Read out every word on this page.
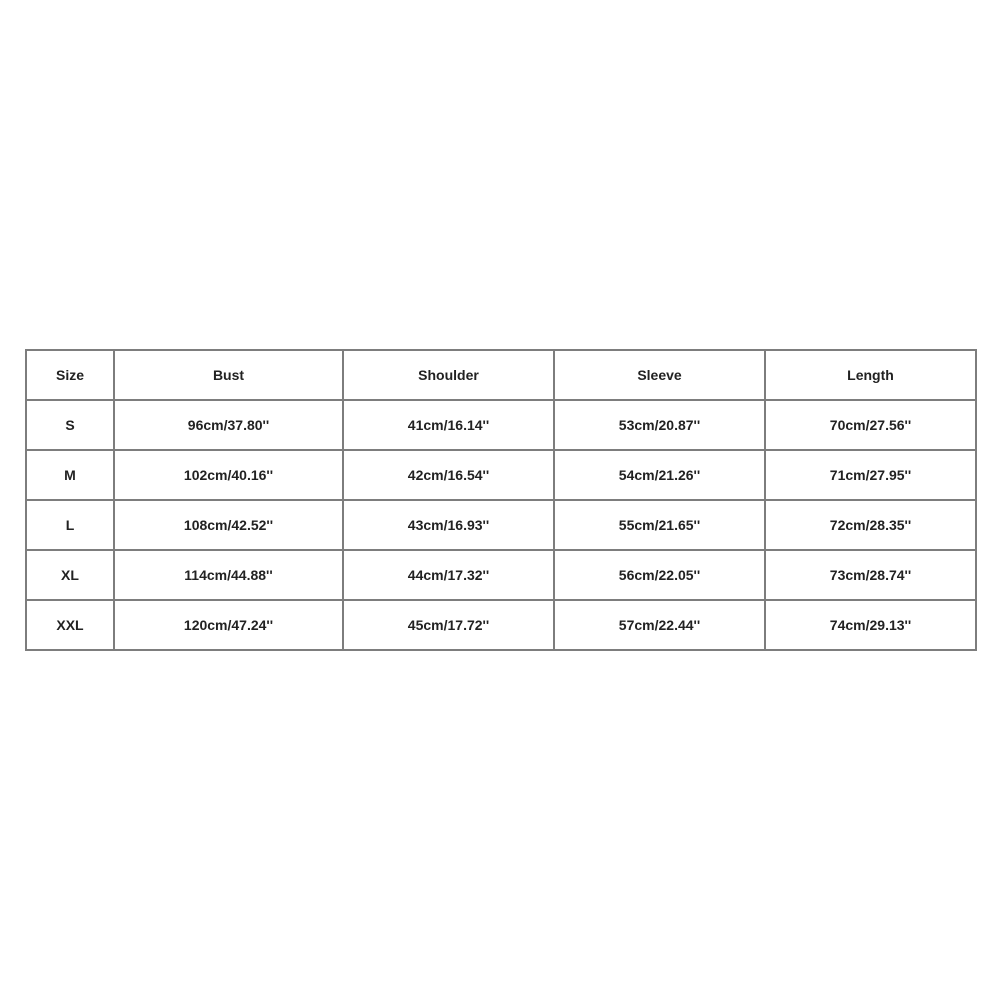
Size	Bust	Shoulder	Sleeve	Length
S	96cm/37.80''	41cm/16.14''	53cm/20.87''	70cm/27.56''
M	102cm/40.16''	42cm/16.54''	54cm/21.26''	71cm/27.95''
L	108cm/42.52''	43cm/16.93''	55cm/21.65''	72cm/28.35''
XL	114cm/44.88''	44cm/17.32''	56cm/22.05''	73cm/28.74''
XXL	120cm/47.24''	45cm/17.72''	57cm/22.44''	74cm/29.13''
